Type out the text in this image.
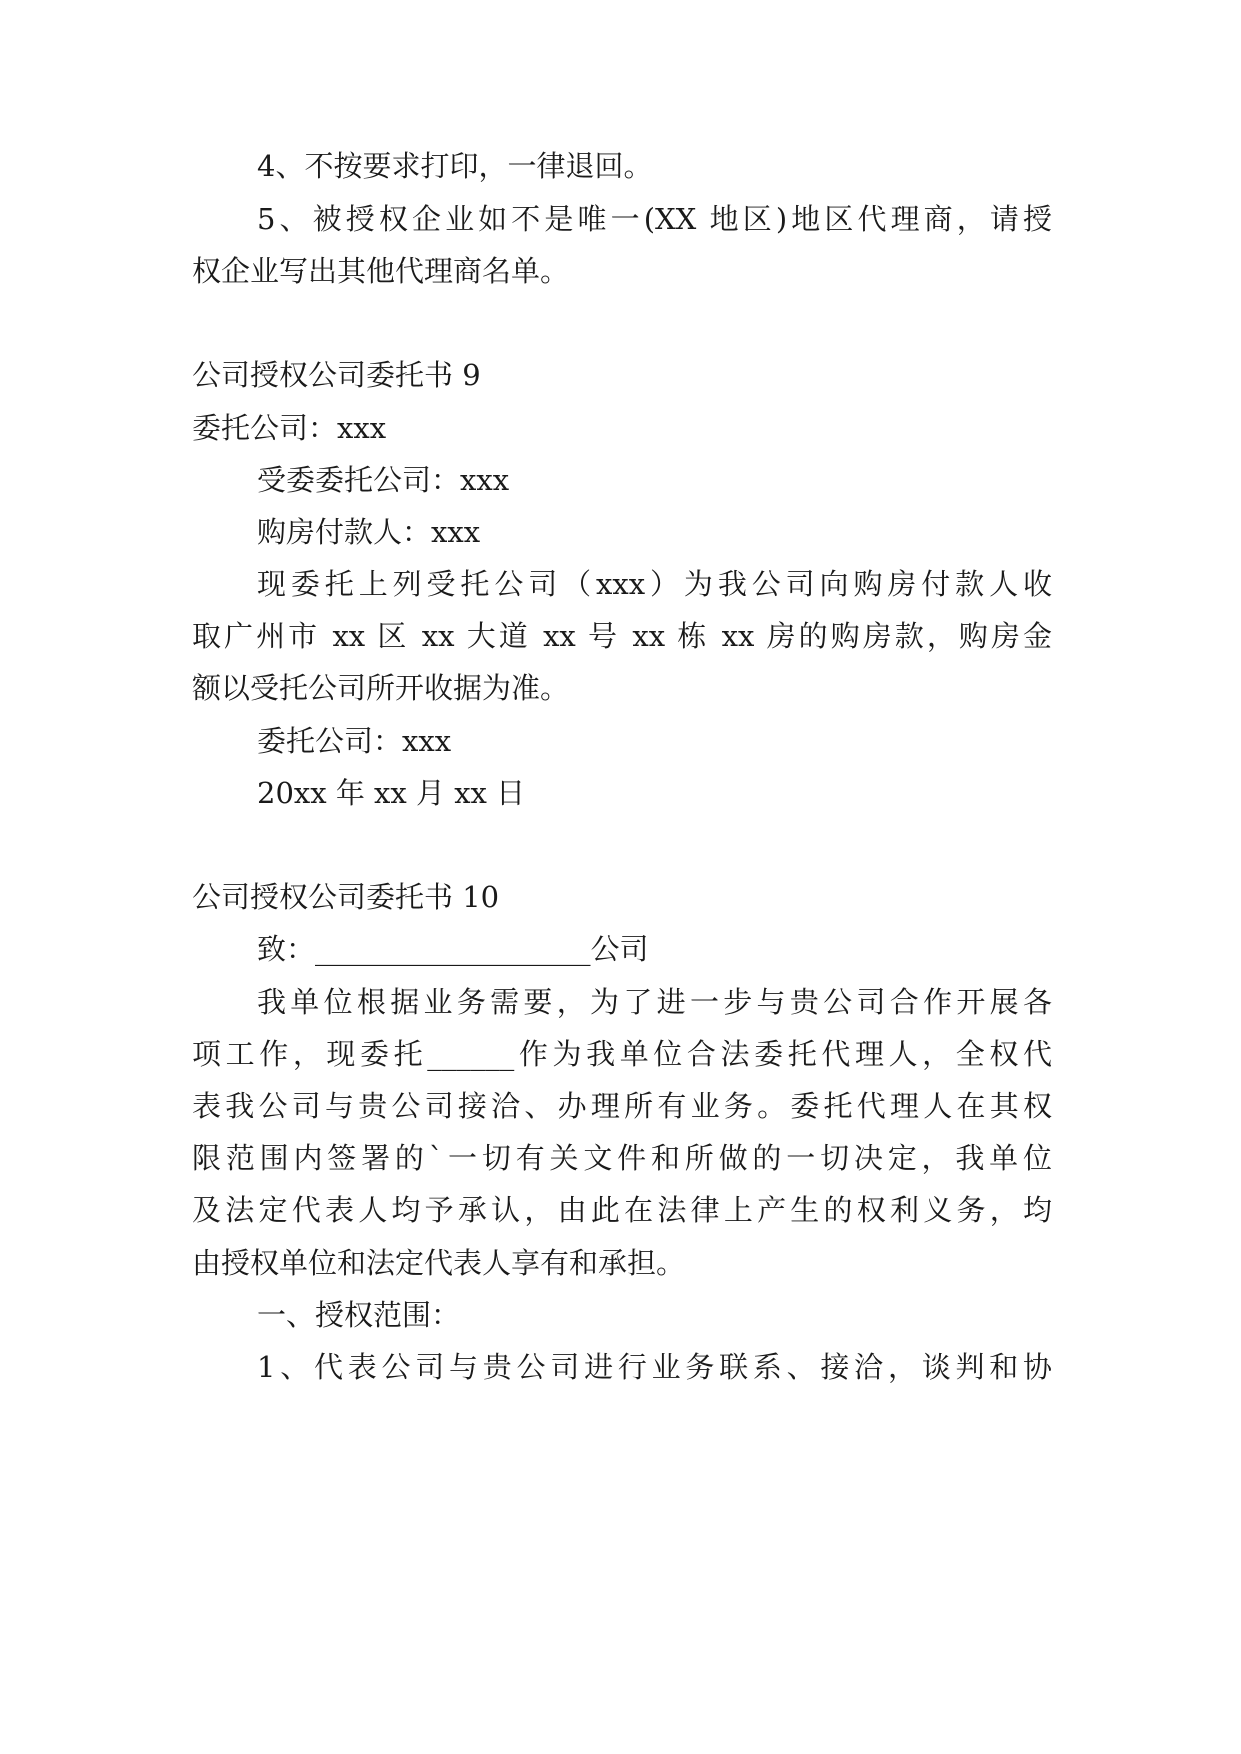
4、不按要求打印，一律退回。
5、被授权企业如不是唯一(XX 地区)地区代理商，请授
权企业写出其他代理商名单。
公司授权公司委托书 9
委托公司：xxx
受委委托公司：xxx
购房付款人：xxx
现委托上列受托公司（xxx）为我公司向购房付款人收
取广州市 xx 区 xx 大道 xx 号 xx 栋 xx 房的购房款，购房金
额以受托公司所开收据为准。
委托公司：xxx
20xx 年 xx 月 xx 日
公司授权公司委托书 10
致：___________________公司
我单位根据业务需要，为了进一步与贵公司合作开展各
项工作，现委托______作为我单位合法委托代理人，全权代
表我公司与贵公司接洽、办理所有业务。委托代理人在其权
限范围内签署的`一切有关文件和所做的一切决定，我单位
及法定代表人均予承认，由此在法律上产生的权利义务，均
由授权单位和法定代表人享有和承担。
一、授权范围：
1、代表公司与贵公司进行业务联系、接洽，谈判和协
